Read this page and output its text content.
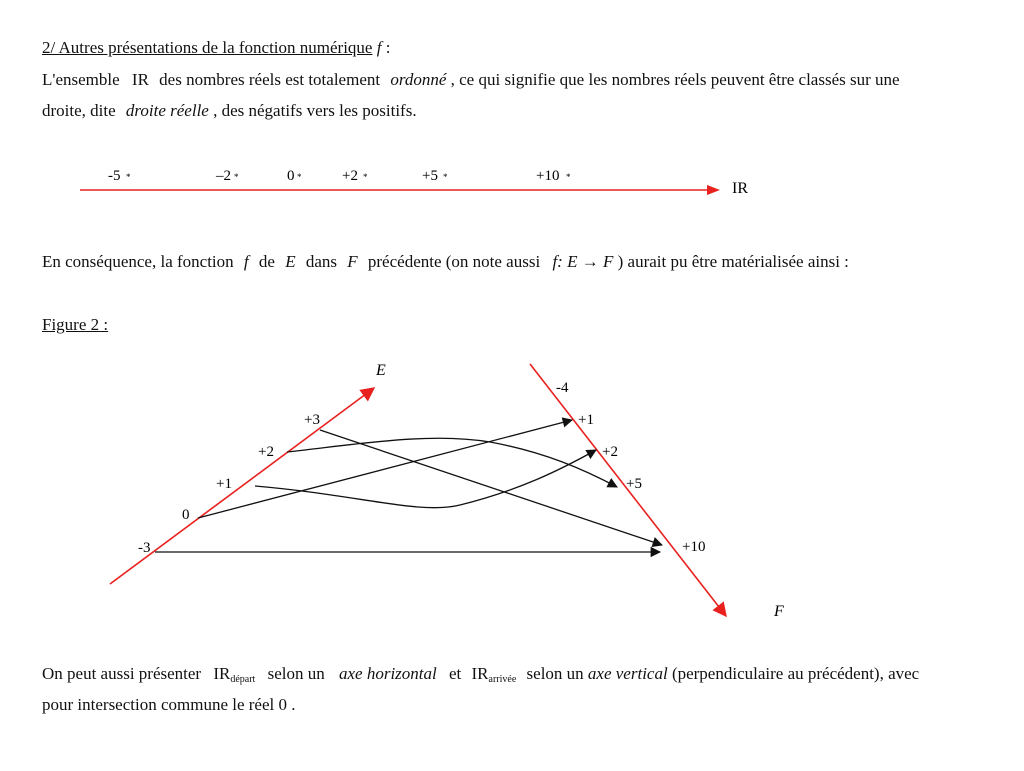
2/ Autres présentations de la fonction numérique f :
L'ensemble IR des nombres réels est totalement ordonné , ce qui signifie que les nombres réels peuvent être classés sur une
droite, dite droite réelle , des négatifs vers les positifs.
-5	–2	0	+2	+5	+10
*	*	*	*	*	*
IR
En conséquence, la fonction f de E dans F précédente (on note aussi f: E → F ) aurait pu être matérialisée ainsi :
Figure 2 :
E
F
-3
0
+1
+2
+3
-4
+1
+2
+5
+10
On peut aussi présenter $IR_{départ}$ selon un axe horizontal et $IR_{arrivée}$ selon un axe vertical (perpendiculaire au précédent), avec
pour intersection commune le réel 0 .
